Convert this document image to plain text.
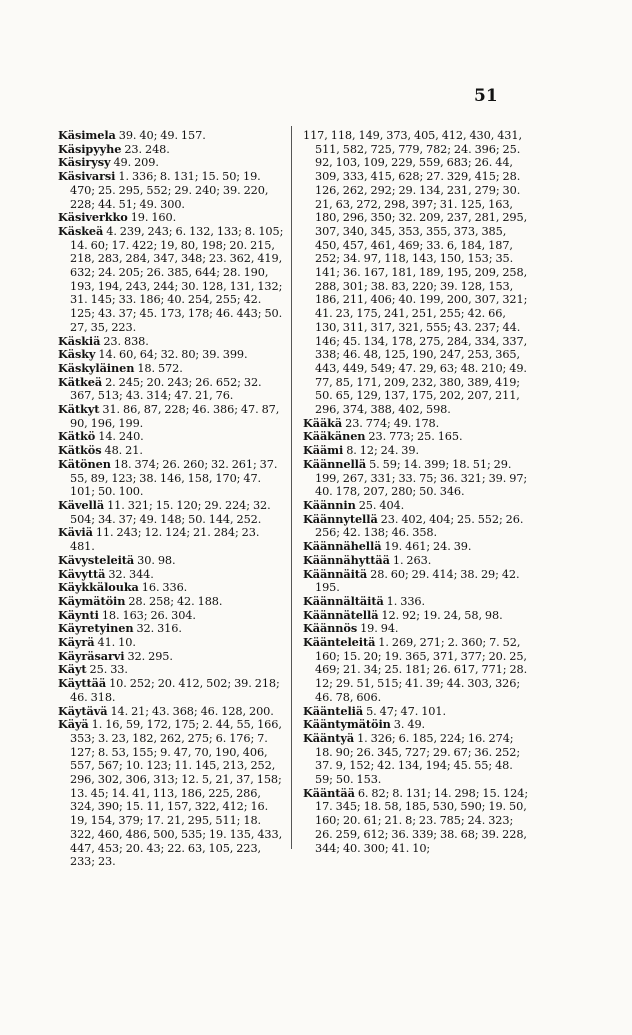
51
Käsimela 39. 40; 49. 157.
Käsipyyhe 23. 248.
Käsirysy 49. 209.
Käsivarsi 1. 336; 8. 131; 15. 50; 19. 470; 25. 295, 552; 29. 240; 39. 220, 228; 44. 51; 49. 300.
Käsiverkko 19. 160.
Käskeä 4. 239, 243; 6. 132, 133; 8. 105; 14. 60; 17. 422; 19, 80, 198; 20. 215, 218, 283, 284, 347, 348; 23. 362, 419, 632; 24. 205; 26. 385, 644; 28. 190, 193, 194, 243, 244; 30. 128, 131, 132; 31. 145; 33. 186; 40. 254, 255; 42. 125; 43. 37; 45. 173, 178; 46. 443; 50. 27, 35, 223.
Käskiä 23. 838.
Käsky 14. 60, 64; 32. 80; 39. 399.
Käskyläinen 18. 572.
Kätkeä 2. 245; 20. 243; 26. 652; 32. 367, 513; 43. 314; 47. 21, 76.
Kätkyt 31. 86, 87, 228; 46. 386; 47. 87, 90, 196, 199.
Kätkö 14. 240.
Kätkös 48. 21.
Kätönen 18. 374; 26. 260; 32. 261; 37. 55, 89, 123; 38. 146, 158, 170; 47. 101; 50. 100.
Kävellä 11. 321; 15. 120; 29. 224; 32. 504; 34. 37; 49. 148; 50. 144, 252.
Käviä 11. 243; 12. 124; 21. 284; 23. 481.
Kävysteleitä 30. 98.
Kävyttä 32. 344.
Käykkälouka 16. 336.
Käymätöin 28. 258; 42. 188.
Käynti 18. 163; 26. 304.
Käyretyinen 32. 316.
Käyrä 41. 10.
Käyräsarvi 32. 295.
Käyt 25. 33.
Käyttää 10. 252; 20. 412, 502; 39. 218; 46. 318.
Käytävä 14. 21; 43. 368; 46. 128, 200.
Käyä 1. 16, 59, 172, 175; 2. 44, 55, 166, 353; 3. 23, 182, 262, 275; 6. 176; 7. 127; 8. 53, 155; 9. 47, 70, 190, 406, 557, 567; 10. 123; 11. 145, 213, 252, 296, 302, 306, 313; 12. 5, 21, 37, 158; 13. 45; 14. 41, 113, 186, 225, 286, 324, 390; 15. 11, 157, 322, 412; 16. 19, 154, 379; 17. 21, 295, 511; 18. 322, 460, 486, 500, 535; 19. 135, 433, 447, 453; 20. 43; 22. 63, 105, 223, 233; 23.
117, 118, 149, 373, 405, 412, 430, 431, 511, 582, 725, 779, 782; 24. 396; 25. 92, 103, 109, 229, 559, 683; 26. 44, 309, 333, 415, 628; 27. 329, 415; 28. 126, 262, 292; 29. 134, 231, 279; 30. 21, 63, 272, 298, 397; 31. 125, 163, 180, 296, 350; 32. 209, 237, 281, 295, 307, 340, 345, 353, 355, 373, 385, 450, 457, 461, 469; 33. 6, 184, 187, 252; 34. 97, 118, 143, 150, 153; 35. 141; 36. 167, 181, 189, 195, 209, 258, 288, 301; 38. 83, 220; 39. 128, 153, 186, 211, 406; 40. 199, 200, 307, 321; 41. 23, 175, 241, 251, 255; 42. 66, 130, 311, 317, 321, 555; 43. 237; 44. 146; 45. 134, 178, 275, 284, 334, 337, 338; 46. 48, 125, 190, 247, 253, 365, 443, 449, 549; 47. 29, 63; 48. 210; 49. 77, 85, 171, 209, 232, 380, 389, 419; 50. 65, 129, 137, 175, 202, 207, 211, 296, 374, 388, 402, 598.
Kääkä 23. 774; 49. 178.
Kääkänen 23. 773; 25. 165.
Käämi 8. 12; 24. 39.
Käännellä 5. 59; 14. 399; 18. 51; 29. 199, 267, 331; 33. 75; 36. 321; 39. 97; 40. 178, 207, 280; 50. 346.
Käännin 25. 404.
Käännytellä 23. 402, 404; 25. 552; 26. 256; 42. 138; 46. 358.
Käännähellä 19. 461; 24. 39.
Käännähyttää 1. 263.
Käännäitä 28. 60; 29. 414; 38. 29; 42. 195.
Käännältäitä 1. 336.
Käännätellä 12. 92; 19. 24, 58, 98.
Käännös 19. 94.
Käänteleitä 1. 269, 271; 2. 360; 7. 52, 160; 15. 20; 19. 365, 371, 377; 20. 25, 469; 21. 34; 25. 181; 26. 617, 771; 28. 12; 29. 51, 515; 41. 39; 44. 303, 326; 46. 78, 606.
Käänteliä 5. 47; 47. 101.
Kääntymätöin 3. 49.
Kääntyä 1. 326; 6. 185, 224; 16. 274; 18. 90; 26. 345, 727; 29. 67; 36. 252; 37. 9, 152; 42. 134, 194; 45. 55; 48. 59; 50. 153.
Kääntää 6. 82; 8. 131; 14. 298; 15. 124; 17. 345; 18. 58, 185, 530, 590; 19. 50, 160; 20. 61; 21. 8; 23. 785; 24. 323; 26. 259, 612; 36. 339; 38. 68; 39. 228, 344; 40. 300; 41. 10;
